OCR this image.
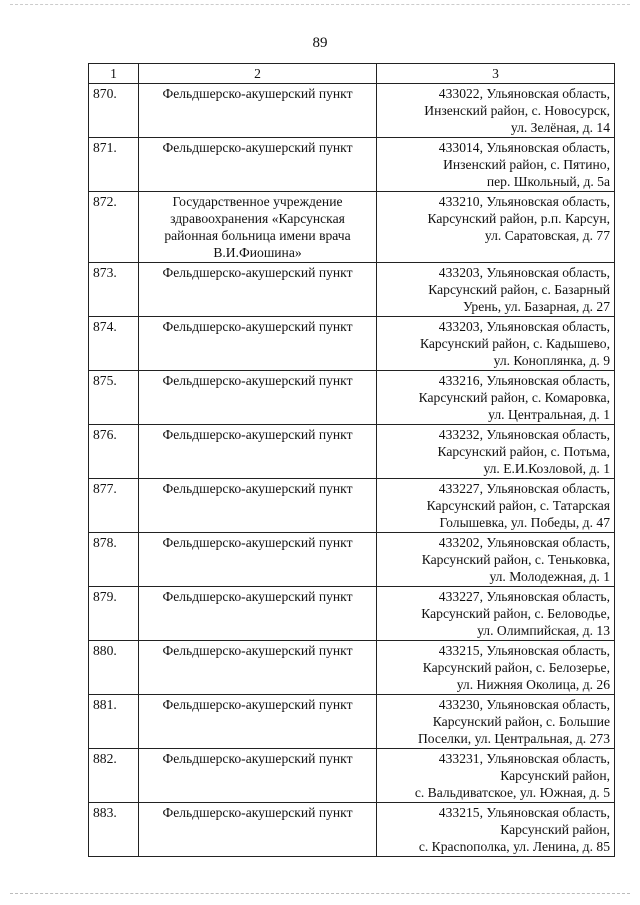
89
1	2	3
870.	Фельдшерско-акушерский пункт	433022, Ульяновская область,
Инзенский район, с. Новосурск,
ул. Зелёная, д. 14

871.	Фельдшерско-акушерский пункт	433014, Ульяновская область,
Инзенский район, с. Пятино,
пер. Школьный, д. 5а

872.	Государственное учреждение
здравоохранения «Карсунская
районная больница имени врача
В.И.Фиошина»	433210, Ульяновская область,
Карсунский район, р.п. Карсун,
ул. Саратовская, д. 77

873.	Фельдшерско-акушерский пункт	433203, Ульяновская область,
Карсунский район, с. Базарный
Урень, ул. Базарная, д. 27

874.	Фельдшерско-акушерский пункт	433203, Ульяновская область,
Карсунский район, с. Кадышево,
ул. Коноплянка, д. 9

875.	Фельдшерско-акушерский пункт	433216, Ульяновская область,
Карсунский район, с. Комаровка,
ул. Центральная, д. 1

876.	Фельдшерско-акушерский пункт	433232, Ульяновская область,
Карсунский район, с. Потьма,
ул. Е.И.Козловой, д. 1

877.	Фельдшерско-акушерский пункт	433227, Ульяновская область,
Карсунский район, с. Татарская
Голышевка, ул. Победы, д. 47

878.	Фельдшерско-акушерский пункт	433202, Ульяновская область,
Карсунский район, с. Теньковка,
ул. Молодежная, д. 1

879.	Фельдшерско-акушерский пункт	433227, Ульяновская область,
Карсунский район, с. Беловодье,
ул. Олимпийская, д. 13

880.	Фельдшерско-акушерский пункт	433215, Ульяновская область,
Карсунский район, с. Белозерье,
ул. Нижняя Околица, д. 26

881.	Фельдшерско-акушерский пункт	433230, Ульяновская область,
Карсунский район, с. Большие
Поселки, ул. Центральная, д. 273

882.	Фельдшерско-акушерский пункт	433231, Ульяновская область,
Карсунский район,
с. Вальдиватское, ул. Южная, д. 5

883.	Фельдшерско-акушерский пункт	433215, Ульяновская область,
Карсунский район,
с. Красnoполка, ул. Ленина, д. 85
